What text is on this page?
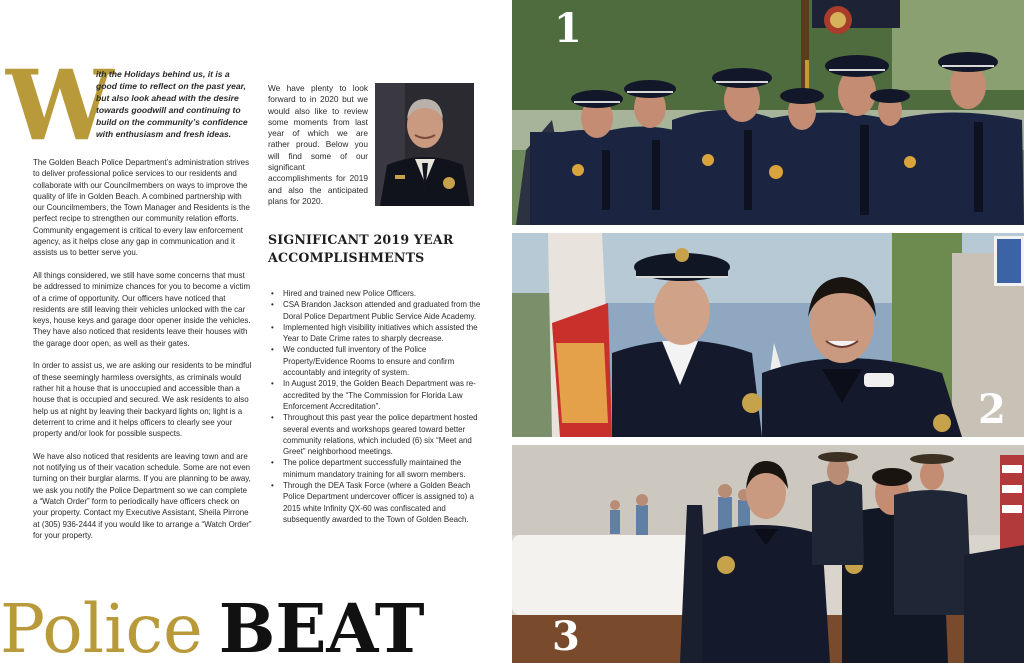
W
ith the Holidays behind us, it is a good time to reflect on the past year, but also look ahead with the desire towards goodwill and continuing to build on the community’s confidence with enthusiasm and fresh ideas.

The Golden Beach Police Department’s administration strives to deliver professional police services to our residents and collaborate with our Councilmembers on ways to improve the quality of life in Golden Beach. A combined partnership with our Councilmembers, the Town Manager and Residents is the perfect recipe to strengthen our community relation efforts. Community engagement is critical to every law enforcement agency, as it helps close any gap in communication and it assists us to better serve you.

All things considered, we still have some concerns that must be addressed to minimize chances for you to become a victim of a crime of opportunity. Our officers have noticed that residents are still leaving their vehicles unlocked with the car keys, house keys and garage door opener inside the vehicles. They have also noticed that residents leave their houses with the garage door open, as well as their gates.

In order to assist us, we are asking our residents to be mindful of these seemingly harmless oversights, as criminals would rather hit a house that is unoccupied and accessible than a house that is occupied and secured. We ask residents to also help us at night by leaving their backyard lights on; light is a deterrent to crime and it helps officers to clearly see your property and/or look for possible suspects.

We have also noticed that residents are leaving town and are not notifying us of their vacation schedule. Some are not even turning on their burglar alarms. If you are planning to be away, we ask you notify the Police Department so we can complete a “Watch Order” form to periodically have officers check on your property. Contact my Executive Assistant, Sheila Pirrone at (305) 936-2444 if you would like to arrange a “Watch Order” for your property.

We have plenty to look forward to in 2020 but we would also like to review some moments from last year of which we are rather proud. Below you will find some of our significant accomplishments for 2019 and also the anticipated plans for 2020.
SIGNIFICANT 2019 YEAR ACCOMPLISHMENTS
• Hired and trained new Police Officers.
• CSA Brandon Jackson attended and graduated from the Doral Police Department Public Service Aide Academy.
• Implemented high visibility initiatives which assisted the Year to Date Crime rates to sharply decrease.
• We conducted full inventory of the Police Property/Evidence Rooms to ensure and confirm accountably and integrity of system.
• In August 2019, the Golden Beach Department was re-accredited by the “The Commission for Florida Law Enforcement Accreditation”.
• Throughout this past year the police department hosted several events and workshops geared toward better community relations, which included (6) six “Meet and Greet” neighborhood meetings.
• The police department successfully maintained the minimum mandatory training for all sworn members.
• Through the DEA Task Force (where a Golden Beach Police Department undercover officer is assigned to) a 2015 white Infinity QX-60 was confiscated and subsequently awarded to the Town of Golden Beach.
Police BEAT
1
2
3
